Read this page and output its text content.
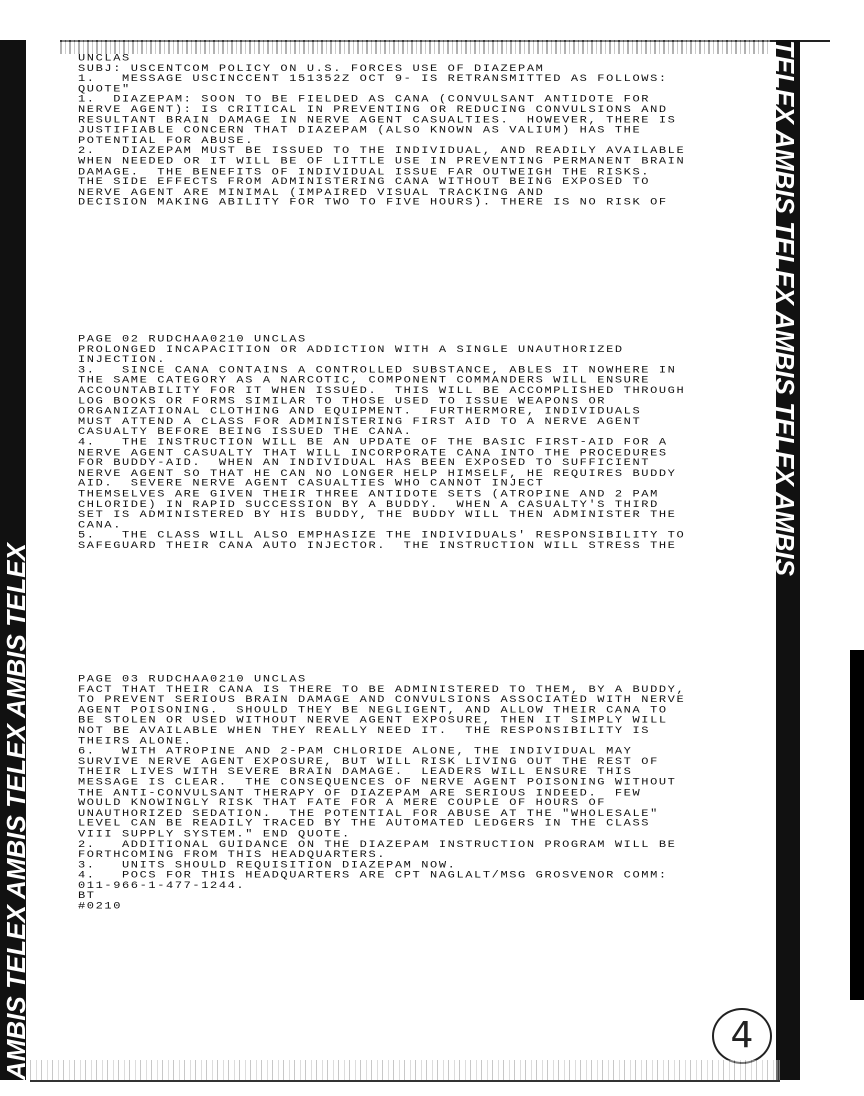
AMBIS TELEX AMBIS TELEX AMBIS TELEX
TELEX AMBIS TELEX AMBIS TELEX AMBIS
UNCLAS
SUBJ: USCENTCOM POLICY ON U.S. FORCES USE OF DIAZEPAM
1.   MESSAGE USCINCCENT 151352Z OCT 9- IS RETRANSMITTED AS FOLLOWS:
QUOTE"
1.  DIAZEPAM: SOON TO BE FIELDED AS CANA (CONVULSANT ANTIDOTE FOR
NERVE AGENT): IS CRITICAL IN PREVENTING OR REDUCING CONVULSIONS AND
RESULTANT BRAIN DAMAGE IN NERVE AGENT CASUALTIES.  HOWEVER, THERE IS
JUSTIFIABLE CONCERN THAT DIAZEPAM (ALSO KNOWN AS VALIUM) HAS THE
POTENTIAL FOR ABUSE.
2.   DIAZEPAM MUST BE ISSUED TO THE INDIVIDUAL, AND READILY AVAILABLE
WHEN NEEDED OR IT WILL BE OF LITTLE USE IN PREVENTING PERMANENT BRAIN
DAMAGE.  THE BENEFITS OF INDIVIDUAL ISSUE FAR OUTWEIGH THE RISKS.
THE SIDE EFFECTS FROM ADMINISTERING CANA WITHOUT BEING EXPOSED TO
NERVE AGENT ARE MINIMAL (IMPAIRED VISUAL TRACKING AND
DECISION MAKING ABILITY FOR TWO TO FIVE HOURS). THERE IS NO RISK OF
PAGE 02 RUDCHAA0210 UNCLAS
PROLONGED INCAPACITION OR ADDICTION WITH A SINGLE UNAUTHORIZED
INJECTION.
3.   SINCE CANA CONTAINS A CONTROLLED SUBSTANCE, ABLES IT NOWHERE IN
THE SAME CATEGORY AS A NARCOTIC, COMPONENT COMMANDERS WILL ENSURE
ACCOUNTABILITY FOR IT WHEN ISSUED.  THIS WILL BE ACCOMPLISHED THROUGH
LOG BOOKS OR FORMS SIMILAR TO THOSE USED TO ISSUE WEAPONS OR
ORGANIZATIONAL CLOTHING AND EQUIPMENT.  FURTHERMORE, INDIVIDUALS
MUST ATTEND A CLASS FOR ADMINISTERING FIRST AID TO A NERVE AGENT
CASUALTY BEFORE BEING ISSUED THE CANA.
4.   THE INSTRUCTION WILL BE AN UPDATE OF THE BASIC FIRST-AID FOR A
NERVE AGENT CASUALTY THAT WILL INCORPORATE CANA INTO THE PROCEDURES
FOR BUDDY-AID.  WHEN AN INDIVIDUAL HAS BEEN EXPOSED TO SUFFICIENT
NERVE AGENT SO THAT HE CAN NO LONGER HELP HIMSELF, HE REQUIRES BUDDY
AID.  SEVERE NERVE AGENT CASUALTIES WHO CANNOT INJECT
THEMSELVES ARE GIVEN THEIR THREE ANTIDOTE SETS (ATROPINE AND 2 PAM
CHLORIDE) IN RAPID SUCCESSION BY A BUDDY.  WHEN A CASUALTY'S THIRD
SET IS ADMINISTERED BY HIS BUDDY, THE BUDDY WILL THEN ADMINISTER THE
CANA.
5.   THE CLASS WILL ALSO EMPHASIZE THE INDIVIDUALS' RESPONSIBILITY TO
SAFEGUARD THEIR CANA AUTO INJECTOR.  THE INSTRUCTION WILL STRESS THE
PAGE 03 RUDCHAA0210 UNCLAS
FACT THAT THEIR CANA IS THERE TO BE ADMINISTERED TO THEM, BY A BUDDY,
TO PREVENT SERIOUS BRAIN DAMAGE AND CONVULSIONS ASSOCIATED WITH NERVE
AGENT POISONING.  SHOULD THEY BE NEGLIGENT, AND ALLOW THEIR CANA TO
BE STOLEN OR USED WITHOUT NERVE AGENT EXPOSURE, THEN IT SIMPLY WILL
NOT BE AVAILABLE WHEN THEY REALLY NEED IT.  THE RESPONSIBILITY IS
THEIRS ALONE.
6.   WITH ATROPINE AND 2-PAM CHLORIDE ALONE, THE INDIVIDUAL MAY
SURVIVE NERVE AGENT EXPOSURE, BUT WILL RISK LIVING OUT THE REST OF
THEIR LIVES WITH SEVERE BRAIN DAMAGE.  LEADERS WILL ENSURE THIS
MESSAGE IS CLEAR.  THE CONSEQUENCES OF NERVE AGENT POISONING WITHOUT
THE ANTI-CONVULSANT THERAPY OF DIAZEPAM ARE SERIOUS INDEED.  FEW
WOULD KNOWINGLY RISK THAT FATE FOR A MERE COUPLE OF HOURS OF
UNAUTHORIZED SEDATION.  THE POTENTIAL FOR ABUSE AT THE "WHOLESALE"
LEVEL CAN BE READILY TRACED BY THE AUTOMATED LEDGERS IN THE CLASS
VIII SUPPLY SYSTEM." END QUOTE.
2.   ADDITIONAL GUIDANCE ON THE DIAZEPAM INSTRUCTION PROGRAM WILL BE
FORTHCOMING FROM THIS HEADQUARTERS.
3.   UNITS SHOULD REQUISITION DIAZEPAM NOW.
4.   POCS FOR THIS HEADQUARTERS ARE CPT NAGLALT/MSG GROSVENOR COMM:
011-966-1-477-1244.
BT
#0210
4
